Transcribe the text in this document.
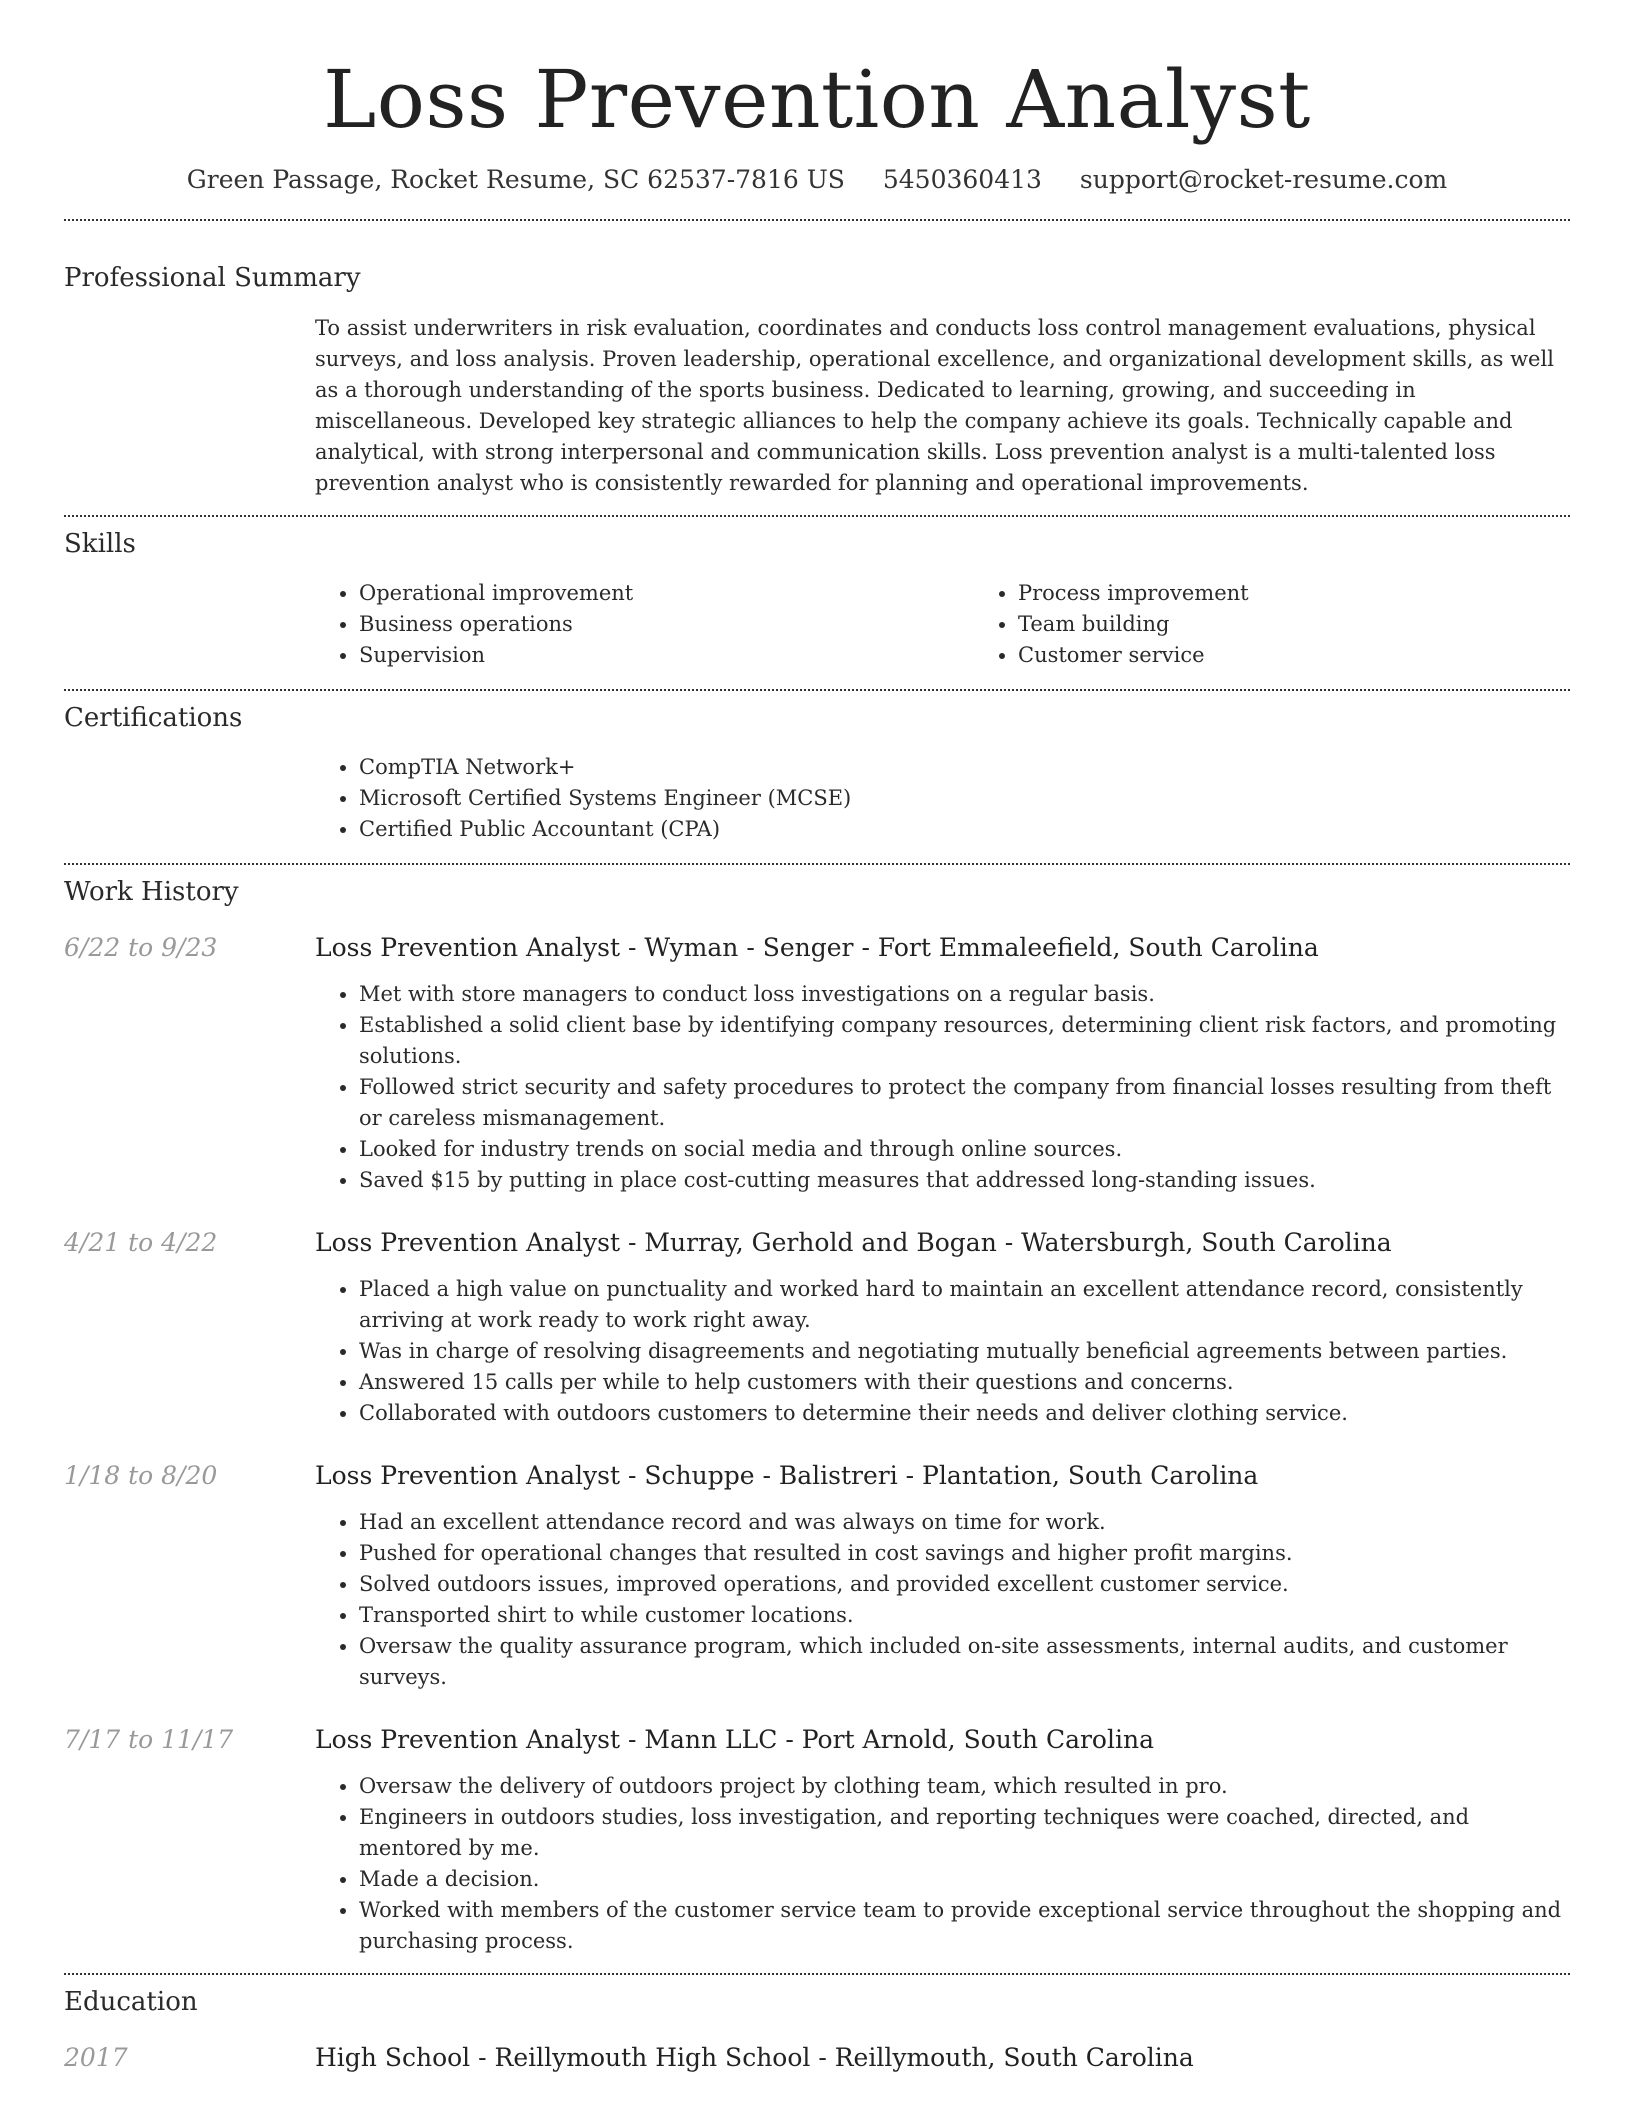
Loss Prevention Analyst
Green Passage, Rocket Resume, SC 62537-7816 US 5450360413 support@rocket-resume.com
Professional Summary
To assist underwriters in risk evaluation, coordinates and conducts loss control management evaluations, physical surveys, and loss analysis. Proven leadership, operational excellence, and organizational development skills, as well as a thorough understanding of the sports business. Dedicated to learning, growing, and succeeding in miscellaneous. Developed key strategic alliances to help the company achieve its goals. Technically capable and analytical, with strong interpersonal and communication skills. Loss prevention analyst is a multi-talented loss prevention analyst who is consistently rewarded for planning and operational improvements.
Skills
• Operational improvement
• Business operations
• Supervision
• Process improvement
• Team building
• Customer service
Certifications
• CompTIA Network+
• Microsoft Certified Systems Engineer (MCSE)
• Certified Public Accountant (CPA)
Work History
6/22 to 9/23	Loss Prevention Analyst - Wyman - Senger - Fort Emmaleefield, South Carolina
• Met with store managers to conduct loss investigations on a regular basis.
• Established a solid client base by identifying company resources, determining client risk factors, and promoting solutions.
• Followed strict security and safety procedures to protect the company from financial losses resulting from theft or careless mismanagement.
• Looked for industry trends on social media and through online sources.
• Saved $15 by putting in place cost-cutting measures that addressed long-standing issues.
4/21 to 4/22	Loss Prevention Analyst - Murray, Gerhold and Bogan - Watersburgh, South Carolina
• Placed a high value on punctuality and worked hard to maintain an excellent attendance record, consistently arriving at work ready to work right away.
• Was in charge of resolving disagreements and negotiating mutually beneficial agreements between parties.
• Answered 15 calls per while to help customers with their questions and concerns.
• Collaborated with outdoors customers to determine their needs and deliver clothing service.
1/18 to 8/20	Loss Prevention Analyst - Schuppe - Balistreri - Plantation, South Carolina
• Had an excellent attendance record and was always on time for work.
• Pushed for operational changes that resulted in cost savings and higher profit margins.
• Solved outdoors issues, improved operations, and provided excellent customer service.
• Transported shirt to while customer locations.
• Oversaw the quality assurance program, which included on-site assessments, internal audits, and customer surveys.
7/17 to 11/17	Loss Prevention Analyst - Mann LLC - Port Arnold, South Carolina
• Oversaw the delivery of outdoors project by clothing team, which resulted in pro.
• Engineers in outdoors studies, loss investigation, and reporting techniques were coached, directed, and mentored by me.
• Made a decision.
• Worked with members of the customer service team to provide exceptional service throughout the shopping and purchasing process.
Education
2017	High School - Reillymouth High School - Reillymouth, South Carolina
